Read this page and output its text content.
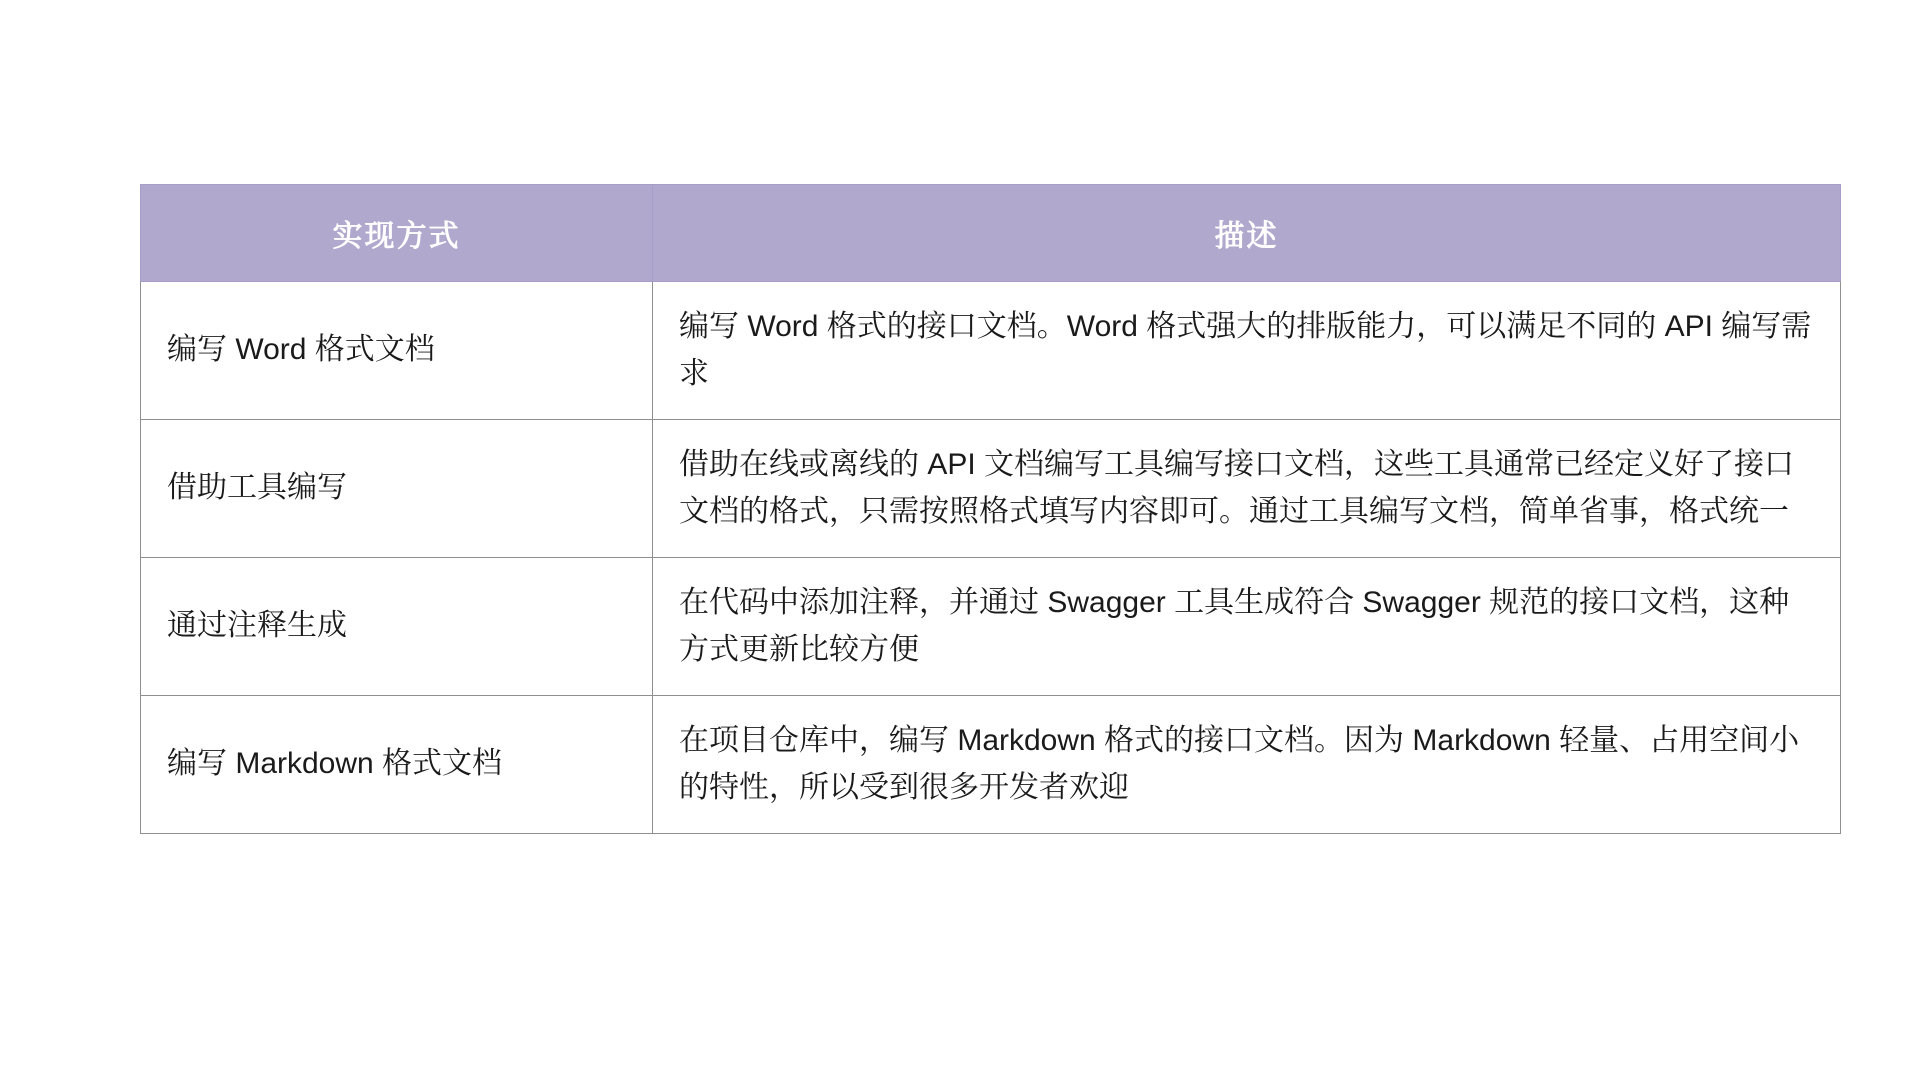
实现方式	描述
编写 Word 格式文档	编写 Word 格式的接口文档。Word 格式强大的排版能力，可以满足不同的 API 编写需求
借助工具编写	借助在线或离线的 API 文档编写工具编写接口文档，这些工具通常已经定义好了接口文档的格式，只需按照格式填写内容即可。通过工具编写文档，简单省事，格式统一
通过注释生成	在代码中添加注释，并通过 Swagger 工具生成符合 Swagger 规范的接口文档，这种方式更新比较方便
编写 Markdown 格式文档	在项目仓库中，编写 Markdown 格式的接口文档。因为 Markdown 轻量、占用空间小的特性，所以受到很多开发者欢迎
